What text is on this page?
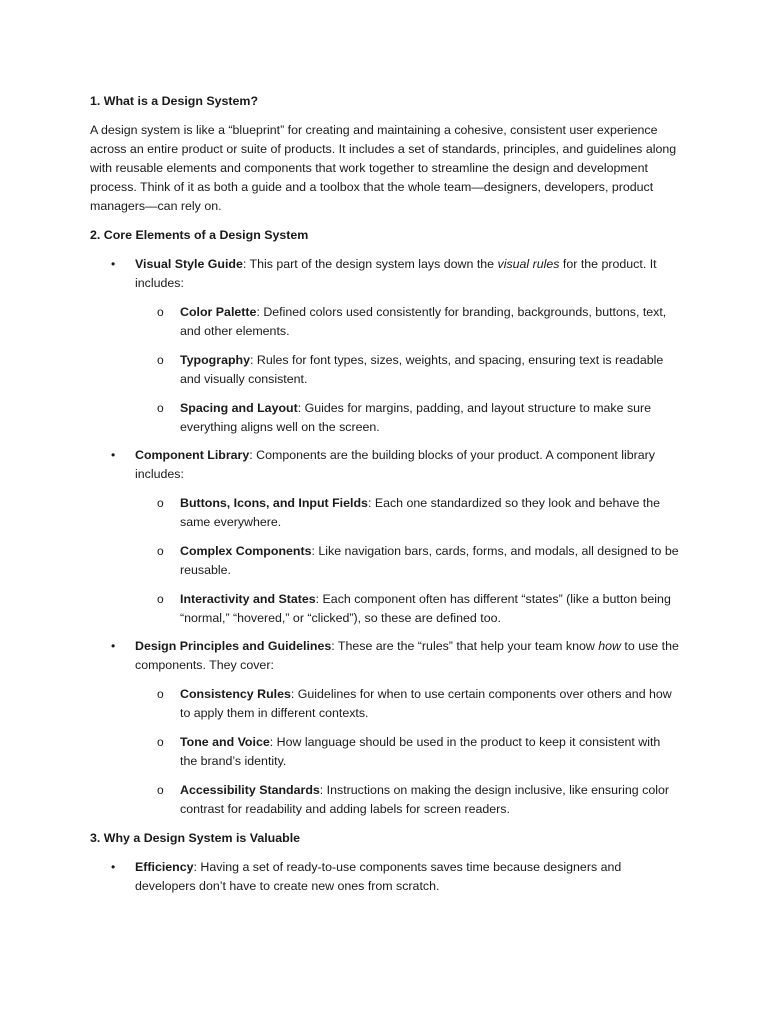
1. What is a Design System?

A design system is like a “blueprint” for creating and maintaining a cohesive, consistent user experience across an entire product or suite of products. It includes a set of standards, principles, and guidelines along with reusable elements and components that work together to streamline the design and development process. Think of it as both a guide and a toolbox that the whole team—designers, developers, product managers—can rely on.

2. Core Elements of a Design System
• Visual Style Guide: This part of the design system lays down the visual rules for the product. It includes:
o Color Palette: Defined colors used consistently for branding, backgrounds, buttons, text, and other elements.
o Typography: Rules for font types, sizes, weights, and spacing, ensuring text is readable and visually consistent.
o Spacing and Layout: Guides for margins, padding, and layout structure to make sure everything aligns well on the screen.
• Component Library: Components are the building blocks of your product. A component library includes:
o Buttons, Icons, and Input Fields: Each one standardized so they look and behave the same everywhere.
o Complex Components: Like navigation bars, cards, forms, and modals, all designed to be reusable.
o Interactivity and States: Each component often has different “states” (like a button being “normal,” “hovered,” or “clicked”), so these are defined too.
• Design Principles and Guidelines: These are the “rules” that help your team know how to use the components. They cover:
o Consistency Rules: Guidelines for when to use certain components over others and how to apply them in different contexts.
o Tone and Voice: How language should be used in the product to keep it consistent with the brand’s identity.
o Accessibility Standards: Instructions on making the design inclusive, like ensuring color contrast for readability and adding labels for screen readers.
3. Why a Design System is Valuable
• Efficiency: Having a set of ready-to-use components saves time because designers and developers don’t have to create new ones from scratch.
